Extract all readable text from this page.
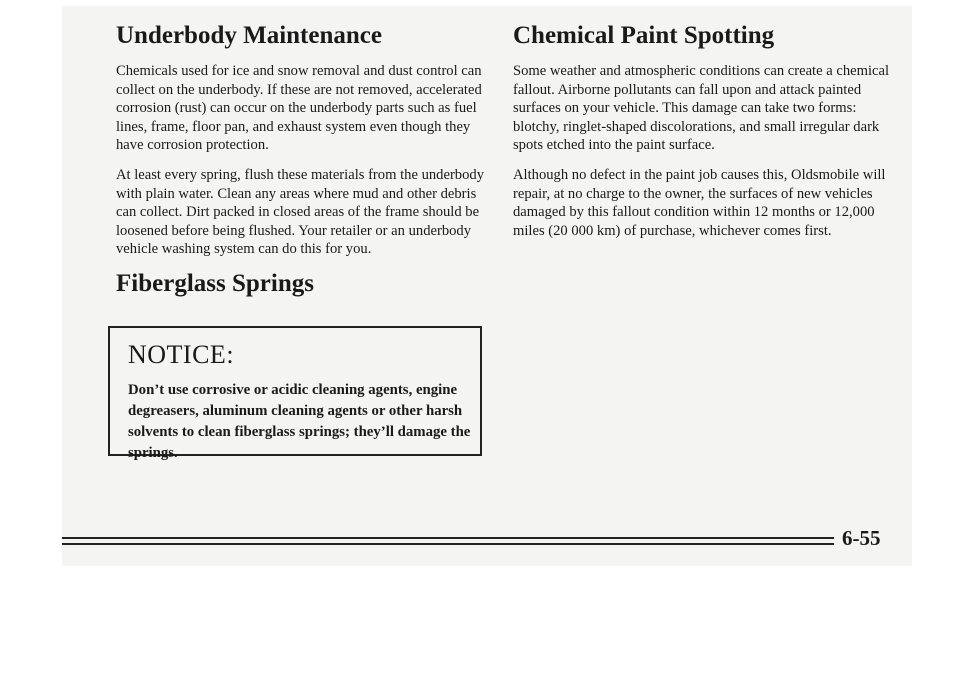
Underbody Maintenance

Chemicals used for ice and snow removal and dust control can collect on the underbody. If these are not removed, accelerated corrosion (rust) can occur on the underbody parts such as fuel lines, frame, floor pan, and exhaust system even though they have corrosion protection.

At least every spring, flush these materials from the underbody with plain water. Clean any areas where mud and other debris can collect. Dirt packed in closed areas of the frame should be loosened before being flushed. Your retailer or an underbody vehicle washing system can do this for you.

Fiberglass Springs
NOTICE:

Don’t use corrosive or acidic cleaning agents, engine degreasers, aluminum cleaning agents or other harsh solvents to clean fiberglass springs; they’ll damage the springs.

Chemical Paint Spotting

Some weather and atmospheric conditions can create a chemical fallout. Airborne pollutants can fall upon and attack painted surfaces on your vehicle. This damage can take two forms: blotchy, ringlet-shaped discolorations, and small irregular dark spots etched into the paint surface.

Although no defect in the paint job causes this, Oldsmobile will repair, at no charge to the owner, the surfaces of new vehicles damaged by this fallout condition within 12 months or 12,000 miles (20 000 km) of purchase, whichever comes first.

6-55
